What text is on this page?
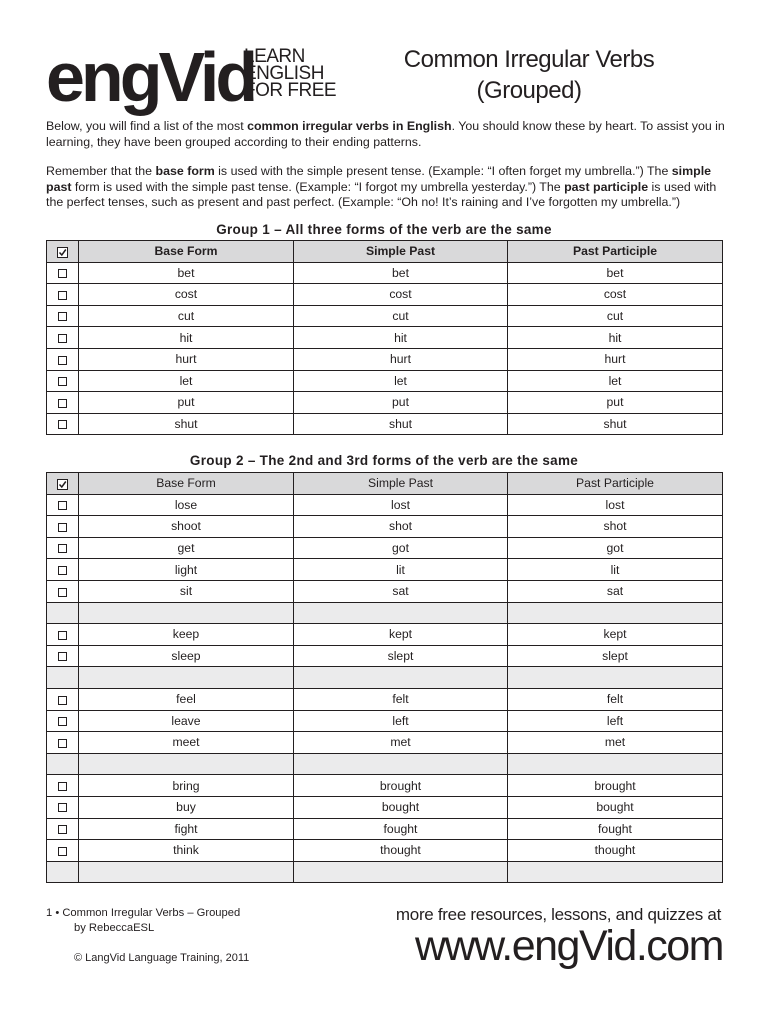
engVid
LEARN
ENGLISH
FOR FREE
Common Irregular Verbs
(Grouped)

Below, you will find a list of the most common irregular verbs in English. You should know these by heart. To assist you in learning, they have been grouped according to their ending patterns.

Remember that the base form is used with the simple present tense. (Example: “I often forget my umbrella.”) The simple past form is used with the simple past tense. (Example: “I forgot my umbrella yesterday.”) The past participle is used with the perfect tenses, such as present and past perfect. (Example: “Oh no! It’s raining and I’ve forgotten my umbrella.”)

Group 1 – All three forms of the verb are the same
	Base Form	Simple Past	Past Participle
	bet	bet	bet
	cost	cost	cost
	cut	cut	cut
	hit	hit	hit
	hurt	hurt	hurt
	let	let	let
	put	put	put
	shut	shut	shut
Group 2 – The 2nd and 3rd forms of the verb are the same
	Base Form	Simple Past	Past Participle
	lose	lost	lost
	shoot	shot	shot
	get	got	got
	light	lit	lit
	sit	sat	sat

	keep	kept	kept
	sleep	slept	slept

	feel	felt	felt
	leave	left	left
	meet	met	met

	bring	brought	brought
	buy	bought	bought
	fight	fought	fought
	think	thought	thought

1 • Common Irregular Verbs – Grouped
by RebeccaESL
© LangVid Language Training, 2011
more free resources, lessons, and quizzes at
www.engVid.com
